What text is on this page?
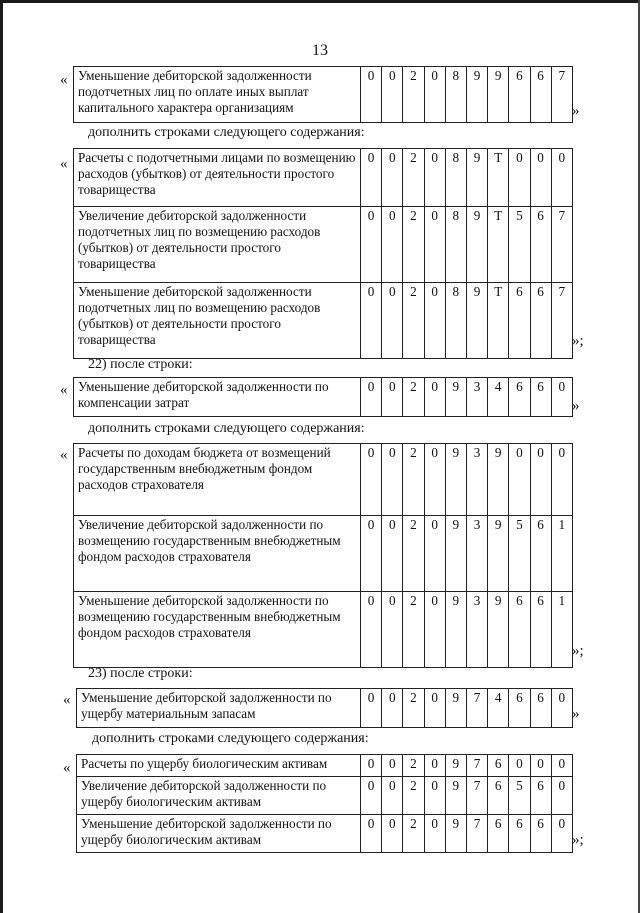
13
« Уменьшение дебиторской задолженности подотчетных лиц по оплате иных выплат капитального характера организациям	0	0	2	0	8	9	9	6	6	7
»
дополнить строками следующего содержания:
« Расчеты с подотчетными лицами по возмещению расходов (убытков) от деятельности простого товарищества	0	0	2	0	8	9	Т	0	0	0
Увеличение дебиторской задолженности подотчетных лиц по возмещению расходов (убытков) от деятельности простого товарищества	0	0	2	0	8	9	Т	5	6	7
Уменьшение дебиторской задолженности подотчетных лиц по возмещению расходов (убытков) от деятельности простого товарищества	0	0	2	0	8	9	Т	6	6	7
»;
22) после строки:
« Уменьшение дебиторской задолженности по компенсации затрат	0	0	2	0	9	3	4	6	6	0
»
дополнить строками следующего содержания:
« Расчеты по доходам бюджета от возмещений государственным внебюджетным фондом расходов страхователя	0	0	2	0	9	3	9	0	0	0
Увеличение дебиторской задолженности по возмещению государственным внебюджетным фондом расходов страхователя	0	0	2	0	9	3	9	5	6	1
Уменьшение дебиторской задолженности по возмещению государственным внебюджетным фондом расходов страхователя	0	0	2	0	9	3	9	6	6	1
»;
23) после строки:
« Уменьшение дебиторской задолженности по ущербу материальным запасам	0	0	2	0	9	7	4	6	6	0
»
дополнить строками следующего содержания:
« Расчеты по ущербу биологическим активам	0	0	2	0	9	7	6	0	0	0
Увеличение дебиторской задолженности по ущербу биологическим активам	0	0	2	0	9	7	6	5	6	0
Уменьшение дебиторской задолженности по ущербу биологическим активам	0	0	2	0	9	7	6	6	6	0
»;
